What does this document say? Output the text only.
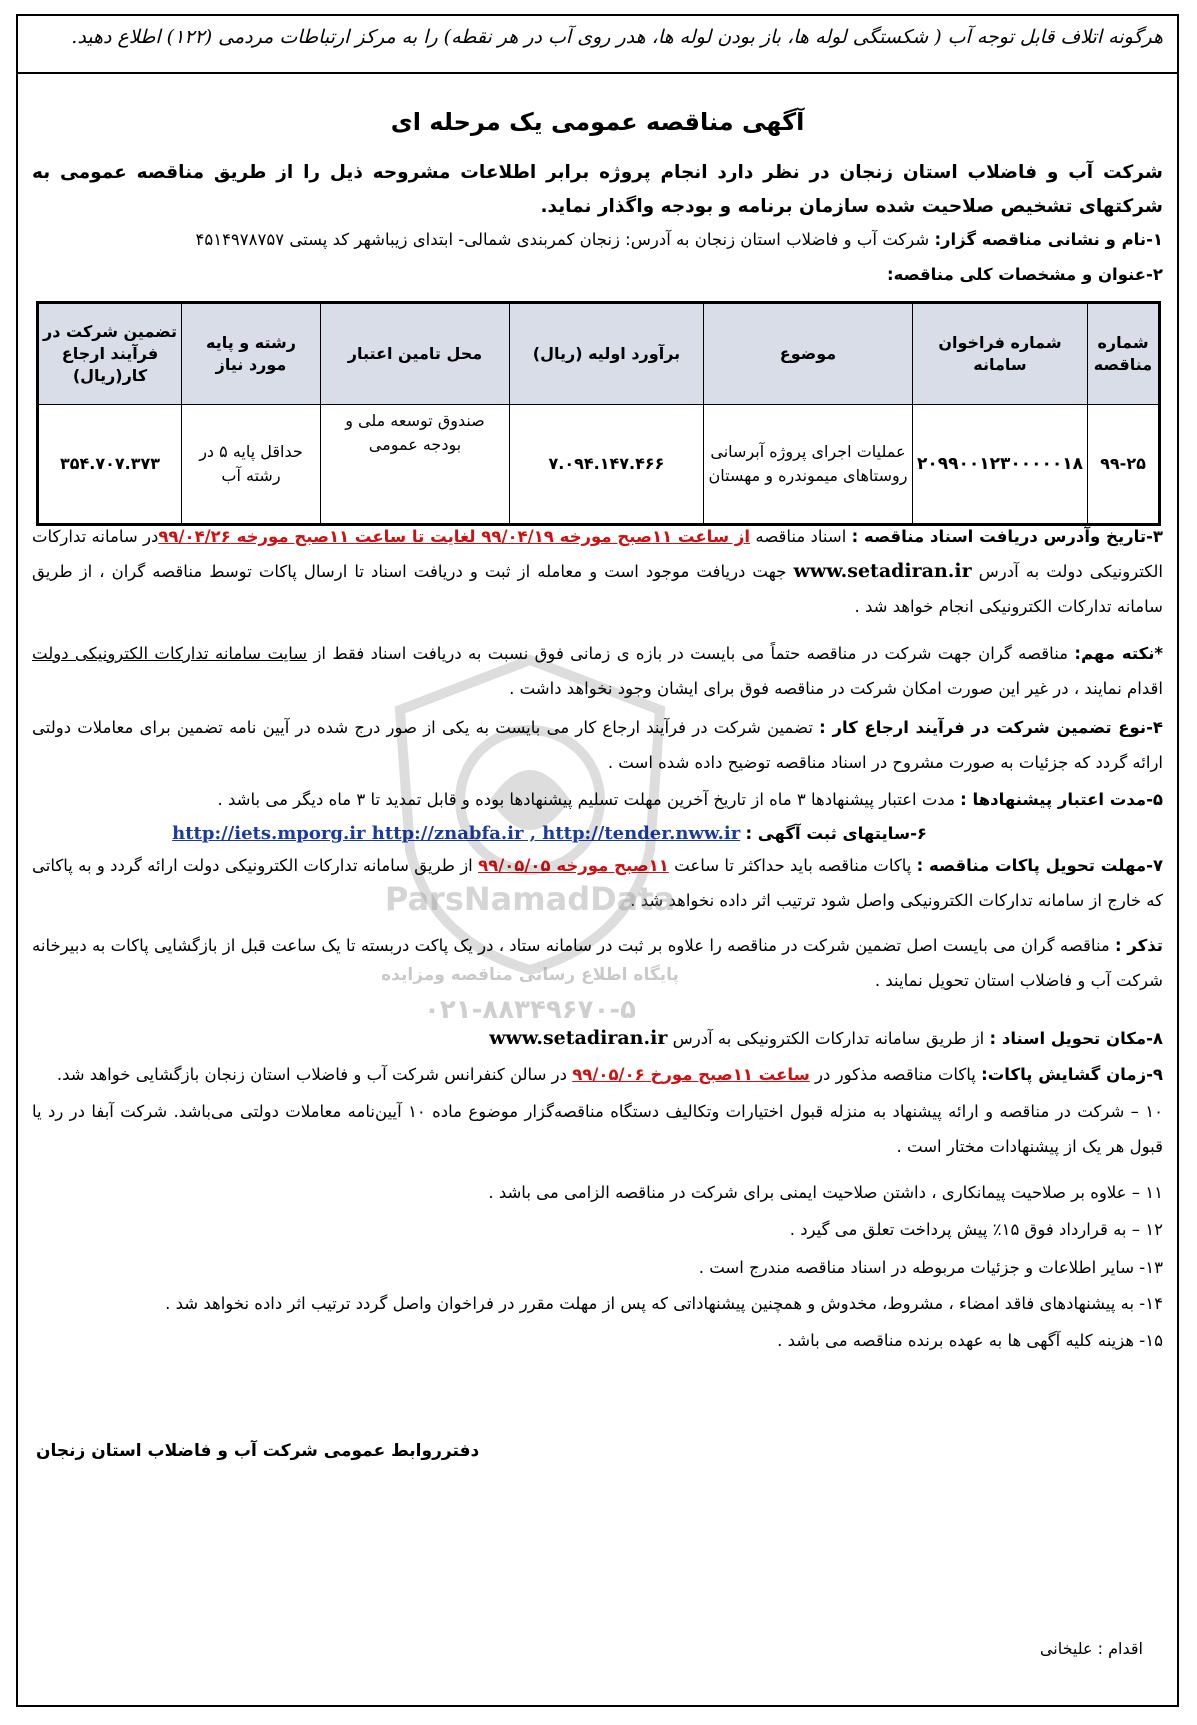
هرگونه اتلاف قابل توجه آب ( شکستگی لوله ها، باز بودن لوله ها، هدر روی آب در هر نقطه) را به مرکز ارتباطات مردمی (۱۲۲) اطلاع دهید.
آگهی مناقصه عمومی یک مرحله ای
شرکت آب و فاضلاب استان زنجان در نظر دارد انجام پروژه برابر اطلاعات مشروحه ذیل را از طریق مناقصه عمومی به شرکتهای تشخیص صلاحیت شده سازمان برنامه و بودجه واگذار نماید.
۱-نام و نشانی مناقصه گزار: شرکت آب و فاضلاب استان زنجان به آدرس: زنجان کمربندی شمالی- ابتدای زیباشهر کد پستی ۴۵۱۴۹۷۸۷۵۷
۲-عنوان و مشخصات کلی مناقصه:
شماره مناقصه	شماره فراخوان سامانه	موضوع	برآورد اولیه (ریال)	محل تامین اعتبار	رشته و پایه مورد نیاز	تضمین شرکت در فرآیند ارجاع کار(ریال)
۹۹-۲۵	۲۰۹۹۰۰۱۲۳۰۰۰۰۰۱۸	عملیات اجرای پروژه آبرسانی روستاهای میموندره و مهستان	۷.۰۹۴.۱۴۷.۴۶۶	صندوق توسعه ملی و بودجه عمومی	حداقل پایه ۵ در رشته آب	۳۵۴.۷۰۷.۳۷۳
۳-تاریخ وآدرس دریافت اسناد مناقصه : اسناد مناقصه از ساعت ۱۱صبح مورخه ۹۹/۰۴/۱۹ لغایت تا ساعت ۱۱صبح مورخه ۹۹/۰۴/۲۶در سامانه تدارکات الکترونیکی دولت به آدرس www.setadiran.ir جهت دریافت موجود است و معامله از ثبت و دریافت اسناد تا ارسال پاکات توسط مناقصه گران ، از طریق سامانه تدارکات الکترونیکی انجام خواهد شد .
*نکته مهم: مناقصه گران جهت شرکت در مناقصه حتماً می بایست در بازه ی زمانی فوق نسبت به دریافت اسناد فقط از سایت سامانه تدارکات الکترونیکی دولت اقدام نمایند ، در غیر این صورت امکان شرکت در مناقصه فوق برای ایشان وجود نخواهد داشت .
۴-نوع تضمین شرکت در فرآیند ارجاع کار : تضمین شرکت در فرآیند ارجاع کار می بایست به یکی از صور درج شده در آیین نامه تضمین برای معاملات دولتی ارائه گردد که جزئیات به صورت مشروح در اسناد مناقصه توضیح داده شده است .
۵-مدت اعتبار پیشنهادها : مدت اعتبار پیشنهادها ۳ ماه از تاریخ آخرین مهلت تسلیم پیشنهادها بوده و قابل تمدید تا ۳ ماه دیگر می باشد .
۶-سایتهای ثبت آگهی : http://iets.mporg.ir http://znabfa.ir , http://tender.nww.ir
۷-مهلت تحویل پاکات مناقصه : پاکات مناقصه باید حداکثر تا ساعت ۱۱صبح مورخه ۹۹/۰۵/۰۵ از طریق سامانه تدارکات الکترونیکی دولت ارائه گردد و به پاکاتی که خارج از سامانه تدارکات الکترونیکی واصل شود ترتیب اثر داده نخواهد شد .
تذکر : مناقصه گران می بایست اصل تضمین شرکت در مناقصه را علاوه بر ثبت در سامانه ستاد ، در یک پاکت دربسته تا یک ساعت قبل از بازگشایی پاکات به دبیرخانه شرکت آب و فاضلاب استان تحویل نمایند .
۸-مکان تحویل اسناد : از طریق سامانه تدارکات الکترونیکی به آدرس www.setadiran.ir
۹-زمان گشایش پاکات: پاکات مناقصه مذکور در ساعت ۱۱صبح مورخ ۹۹/۰۵/۰۶ در سالن کنفرانس شرکت آب و فاضلاب استان زنجان بازگشایی خواهد شد.
۱۰ – شرکت در مناقصه و ارائه پیشنهاد به منزله قبول اختیارات وتکالیف دستگاه مناقصه‌گزار موضوع ماده ۱۰ آیین‌نامه معاملات دولتی می‌باشد. شرکت آبفا در رد یا قبول هر یک از پیشنهادات مختار است .
۱۱ – علاوه بر صلاحیت پیمانکاری ، داشتن صلاحیت ایمنی برای شرکت در مناقصه الزامی می باشد .
۱۲ – به قرارداد فوق ۱۵٪ پیش پرداخت تعلق می گیرد .
۱۳- سایر اطلاعات و جزئیات مربوطه در اسناد مناقصه مندرج است .
۱۴- به پیشنهادهای فاقد امضاء ، مشروط، مخدوش و همچنین پیشنهاداتی که پس از مهلت مقرر در فراخوان واصل گردد ترتیب اثر داده نخواهد شد .
۱۵- هزینه کلیه آگهی ها به عهده برنده مناقصه می باشد .
دفترروابط عمومی شرکت آب و فاضلاب استان زنجان
اقدام : علیخانی
ParsNamadData
پایگاه اطلاع رسانی مناقصه ومزایده
۰۲۱-۸۸۳۴۹۶۷۰-۵
